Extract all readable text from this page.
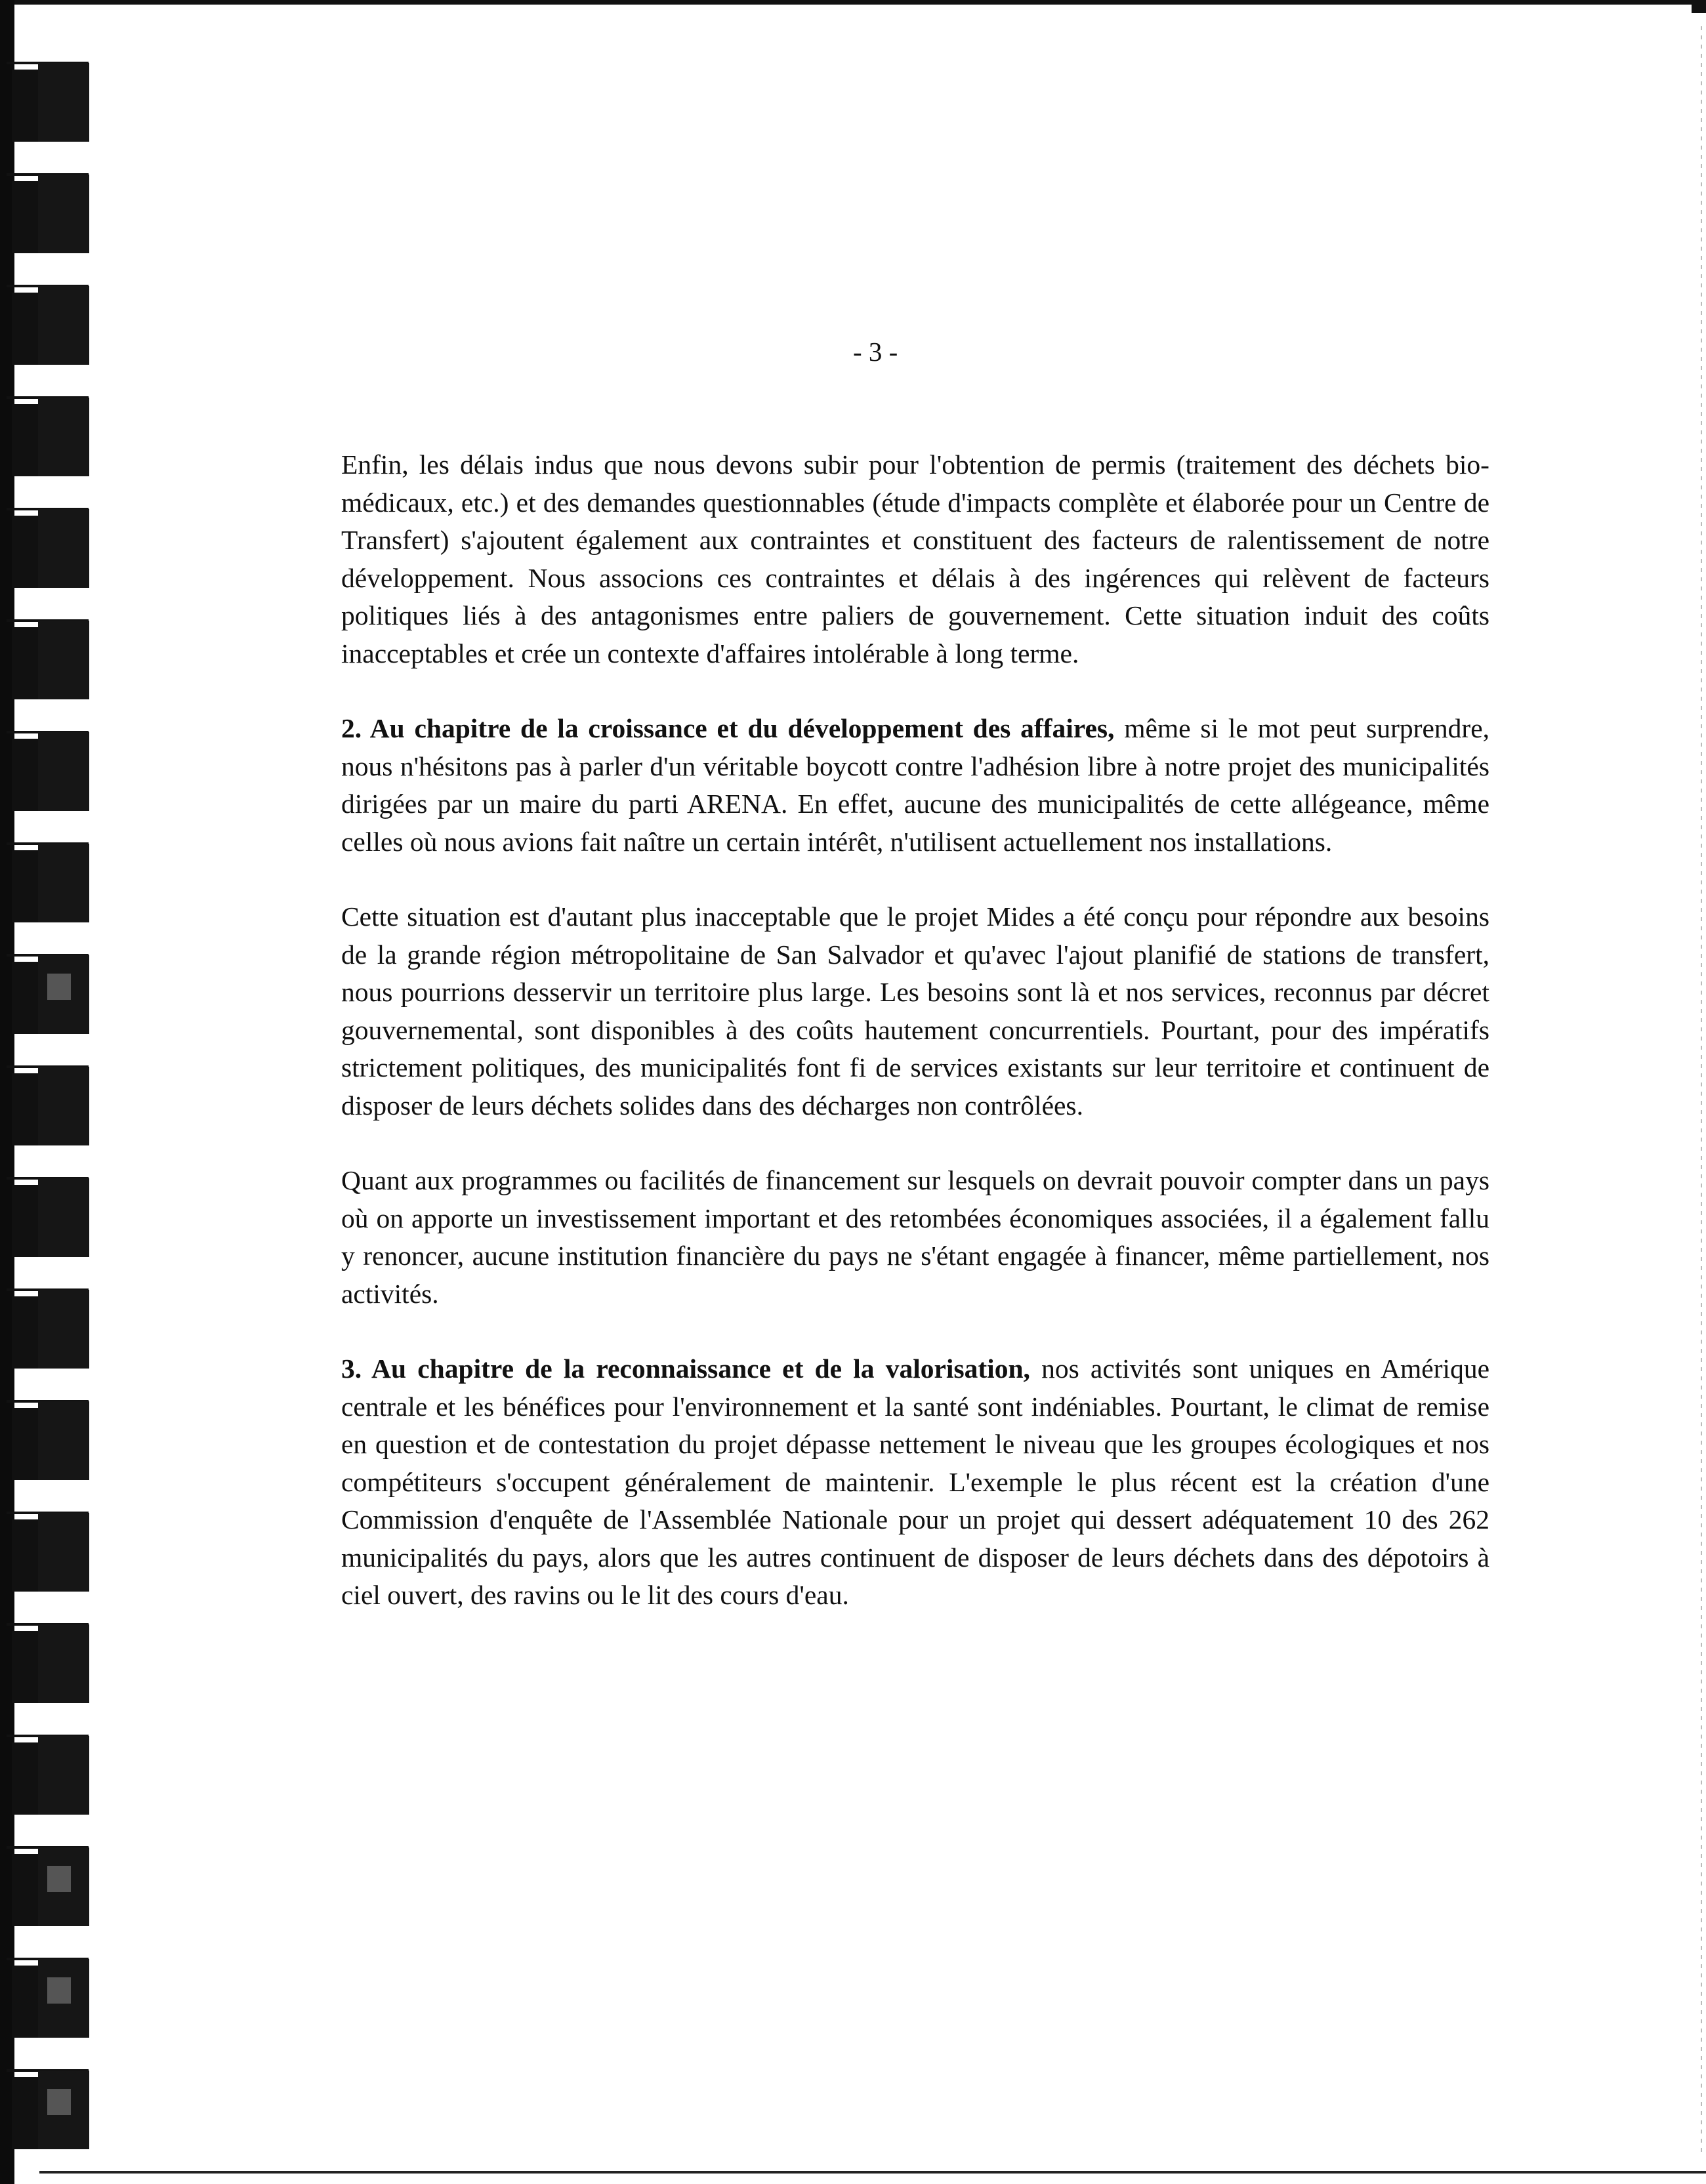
- 3 -

Enfin, les délais indus que nous devons subir pour l'obtention de permis (traitement des déchets bio-médicaux, etc.) et des demandes questionnables (étude d'impacts complète et élaborée pour un Centre de Transfert) s'ajoutent également aux contraintes et constituent des facteurs de ralentissement de notre développement. Nous associons ces contraintes et délais à des ingérences qui relèvent de facteurs politiques liés à des antagonismes entre paliers de gouvernement. Cette situation induit des coûts inacceptables et crée un contexte d'affaires intolérable à long terme.

2. Au chapitre de la croissance et du développement des affaires, même si le mot peut surprendre, nous n'hésitons pas à parler d'un véritable boycott contre l'adhésion libre à notre projet des municipalités dirigées par un maire du parti ARENA. En effet, aucune des municipalités de cette allégeance, même celles où nous avions fait naître un certain intérêt, n'utilisent actuellement nos installations.

Cette situation est d'autant plus inacceptable que le projet Mides a été conçu pour répondre aux besoins de la grande région métropolitaine de San Salvador et qu'avec l'ajout planifié de stations de transfert, nous pourrions desservir un territoire plus large. Les besoins sont là et nos services, reconnus par décret gouvernemental, sont disponibles à des coûts hautement concurrentiels. Pourtant, pour des impératifs strictement politiques, des municipalités font fi de services existants sur leur territoire et continuent de disposer de leurs déchets solides dans des décharges non contrôlées.

Quant aux programmes ou facilités de financement sur lesquels on devrait pouvoir compter dans un pays où on apporte un investissement important et des retombées économiques associées, il a également fallu y renoncer, aucune institution financière du pays ne s'étant engagée à financer, même partiellement, nos activités.

3. Au chapitre de la reconnaissance et de la valorisation, nos activités sont uniques en Amérique centrale et les bénéfices pour l'environnement et la santé sont indéniables. Pourtant, le climat de remise en question et de contestation du projet dépasse nettement le niveau que les groupes écologiques et nos compétiteurs s'occupent généralement de maintenir. L'exemple le plus récent est la création d'une Commission d'enquête de l'Assemblée Nationale pour un projet qui dessert adéquatement 10 des 262 municipalités du pays, alors que les autres continuent de disposer de leurs déchets dans des dépotoirs à ciel ouvert, des ravins ou le lit des cours d'eau.
